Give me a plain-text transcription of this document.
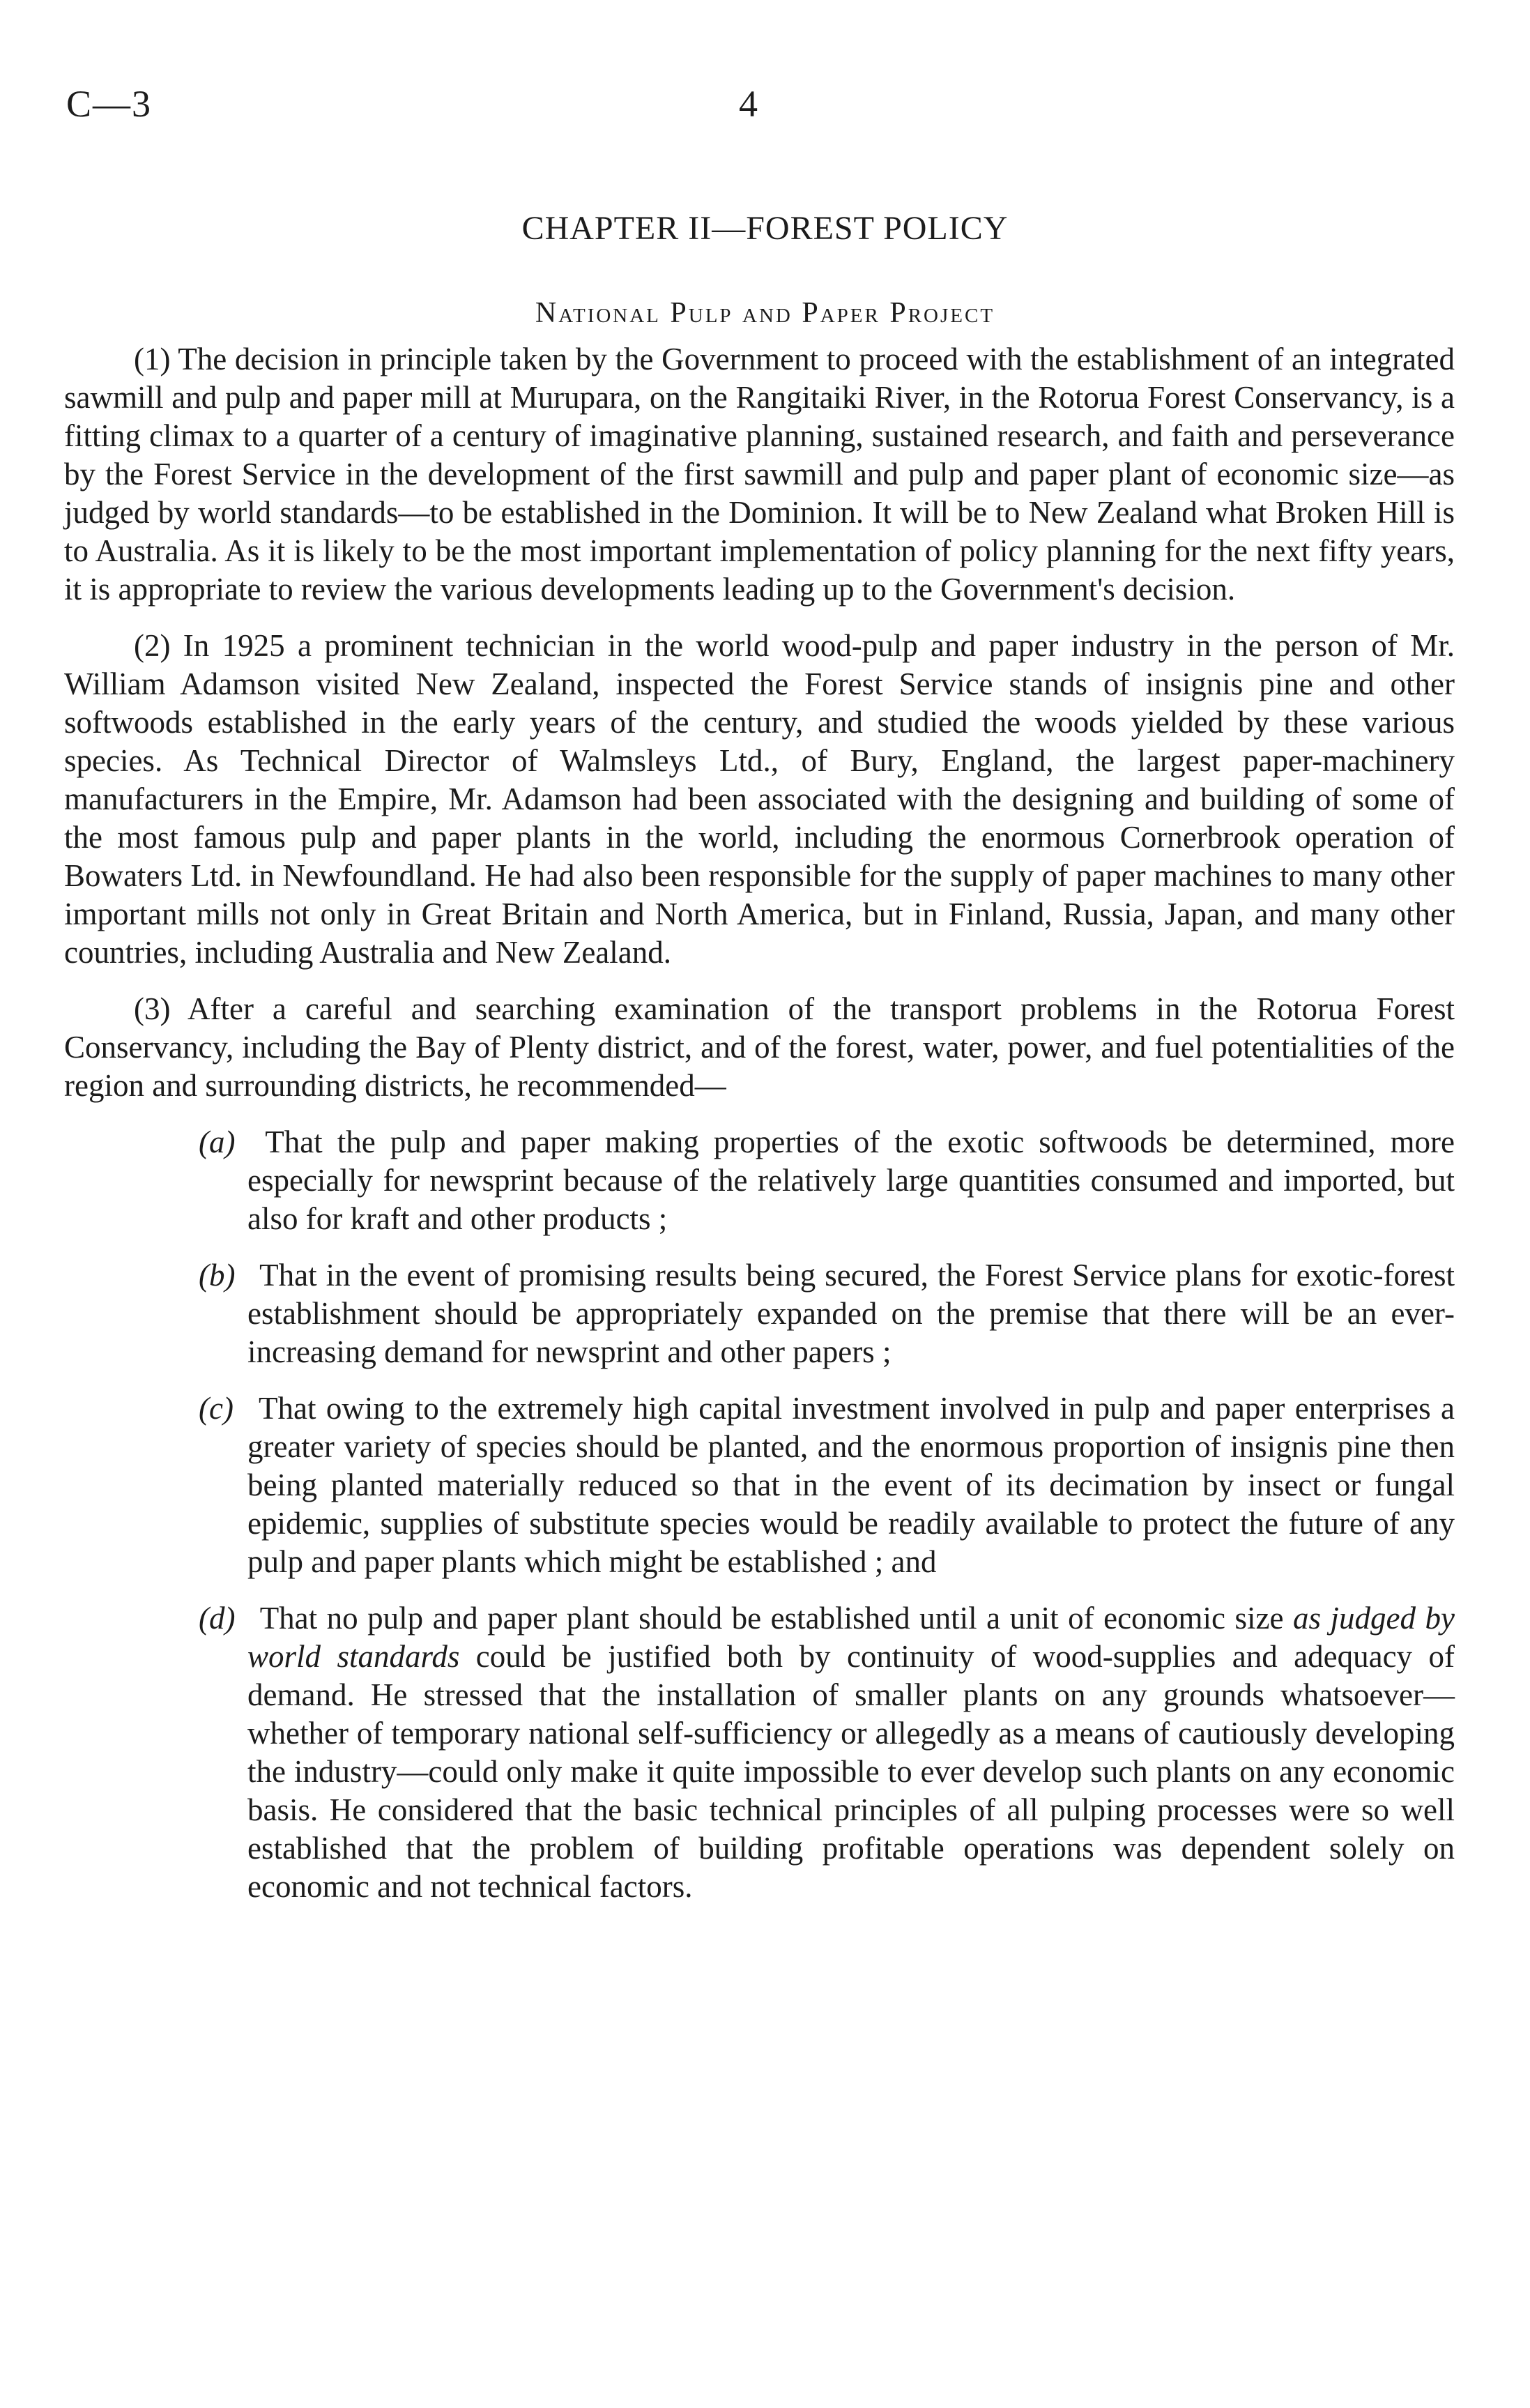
C—3	4
CHAPTER II—FOREST POLICY
National Pulp and Paper Project

(1) The decision in principle taken by the Government to proceed with the establishment of an integrated sawmill and pulp and paper mill at Murupara, on the Rangitaiki River, in the Rotorua Forest Conservancy, is a fitting climax to a quarter of a century of imaginative planning, sustained research, and faith and perseverance by the Forest Service in the development of the first sawmill and pulp and paper plant of economic size—as judged by world standards—to be established in the Dominion. It will be to New Zealand what Broken Hill is to Australia. As it is likely to be the most important implementation of policy planning for the next fifty years, it is appropriate to review the various developments leading up to the Government's decision.

(2) In 1925 a prominent technician in the world wood-pulp and paper industry in the person of Mr. William Adamson visited New Zealand, inspected the Forest Service stands of insignis pine and other softwoods established in the early years of the century, and studied the woods yielded by these various species. As Technical Director of Walmsleys Ltd., of Bury, England, the largest paper-machinery manufacturers in the Empire, Mr. Adamson had been associated with the designing and building of some of the most famous pulp and paper plants in the world, including the enormous Cornerbrook operation of Bowaters Ltd. in Newfoundland. He had also been responsible for the supply of paper machines to many other important mills not only in Great Britain and North America, but in Finland, Russia, Japan, and many other countries, including Australia and New Zealand.

(3) After a careful and searching examination of the transport problems in the Rotorua Forest Conservancy, including the Bay of Plenty district, and of the forest, water, power, and fuel potentialities of the region and surrounding districts, he recommended—

(a)  That the pulp and paper making properties of the exotic softwoods be determined, more especially for newsprint because of the relatively large quantities consumed and imported, but also for kraft and other products ;
(b)  That in the event of promising results being secured, the Forest Service plans for exotic-forest establishment should be appropriately expanded on the premise that there will be an ever-increasing demand for newsprint and other papers ;
(c)  That owing to the extremely high capital investment involved in pulp and paper enterprises a greater variety of species should be planted, and the enormous proportion of insignis pine then being planted materially reduced so that in the event of its decimation by insect or fungal epidemic, supplies of substitute species would be readily available to protect the future of any pulp and paper plants which might be established ; and
(d)  That no pulp and paper plant should be established until a unit of economic size as judged by world standards could be justified both by continuity of wood-supplies and adequacy of demand. He stressed that the installation of smaller plants on any grounds whatsoever—whether of temporary national self-sufficiency or allegedly as a means of cautiously developing the industry—could only make it quite impossible to ever develop such plants on any economic basis. He considered that the basic technical principles of all pulping processes were so well established that the problem of building profitable operations was dependent solely on economic and not technical factors.
